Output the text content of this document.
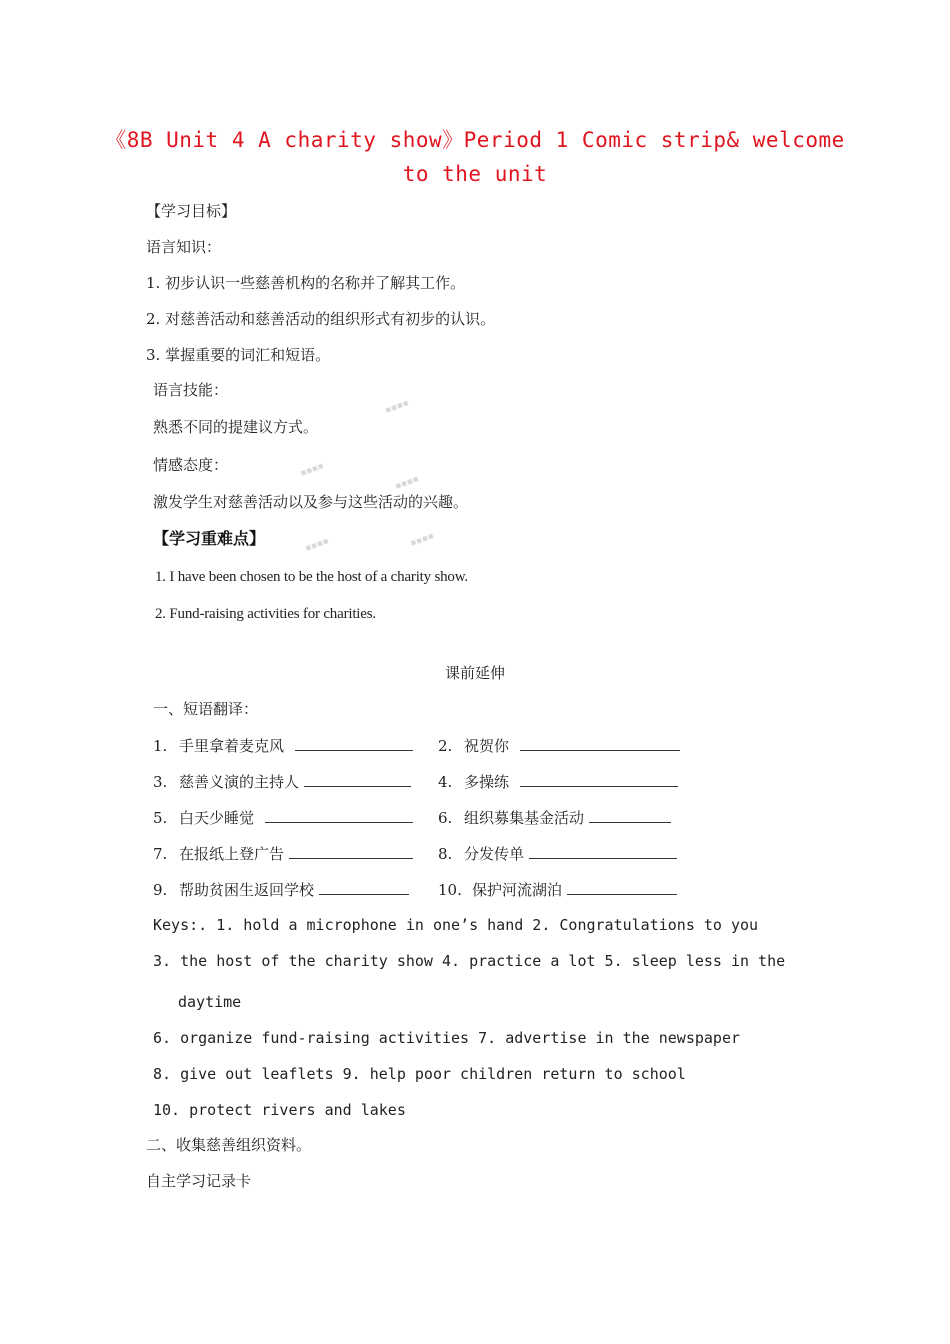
《8B Unit 4 A charity show》Period 1 Comic strip& welcome
to the unit
【学习目标】
语言知识：
1. 初步认识一些慈善机构的名称并了解其工作。
2. 对慈善活动和慈善活动的组织形式有初步的认识。
3. 掌握重要的词汇和短语。
语言技能：
熟悉不同的提建议方式。
情感态度：
激发学生对慈善活动以及参与这些活动的兴趣。
【学习重难点】
1. I have been chosen to be the host of a charity show.
2. Fund-raising activities for charities.
▪▪▪▪
▪▪▪▪
▪▪▪▪
▪▪▪▪	▪▪▪▪
课前延伸
一、短语翻译：
1. 手里拿着麦克风	2. 祝贺你
3. 慈善义演的主持人	4. 多操练
5. 白天少睡觉	6. 组织募集基金活动
7. 在报纸上登广告	8. 分发传单
9. 帮助贫困生返回学校	10. 保护河流湖泊
Keys:. 1. hold a microphone in one’s hand 2. Congratulations to you
3. the host of the charity show 4. practice a lot 5. sleep less in the
daytime
6. organize fund-raising activities 7. advertise in the newspaper
8. give out leaflets 9. help poor children return to school
10. protect rivers and lakes
二、收集慈善组织资料。
自主学习记录卡
